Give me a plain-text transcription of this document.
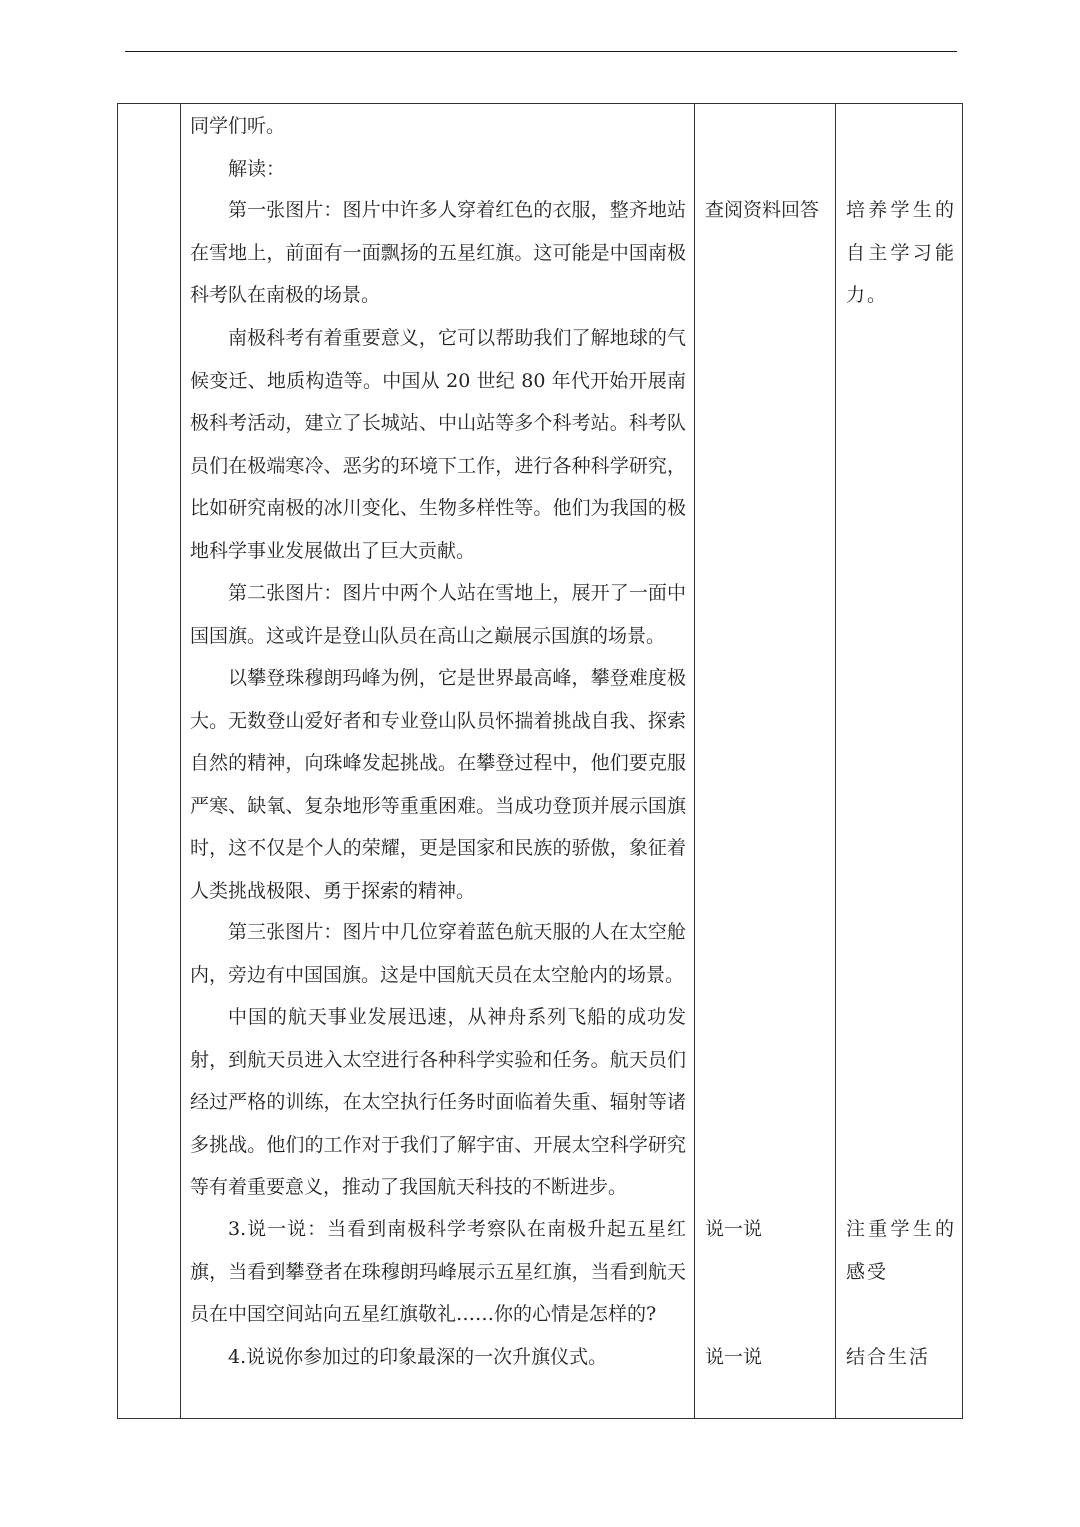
同学们听。

解读：

第一张图片：图片中许多人穿着红色的衣服，整齐地站在雪地上，前面有一面飘扬的五星红旗。这可能是中国南极科考队在南极的场景。

南极科考有着重要意义，它可以帮助我们了解地球的气候变迁、地质构造等。中国从 20 世纪 80 年代开始开展南极科考活动，建立了长城站、中山站等多个科考站。科考队员们在极端寒冷、恶劣的环境下工作，进行各种科学研究，比如研究南极的冰川变化、生物多样性等。他们为我国的极地科学事业发展做出了巨大贡献。

第二张图片：图片中两个人站在雪地上，展开了一面中国国旗。这或许是登山队员在高山之巅展示国旗的场景。

以攀登珠穆朗玛峰为例，它是世界最高峰，攀登难度极大。无数登山爱好者和专业登山队员怀揣着挑战自我、探索自然的精神，向珠峰发起挑战。在攀登过程中，他们要克服严寒、缺氧、复杂地形等重重困难。当成功登顶并展示国旗时，这不仅是个人的荣耀，更是国家和民族的骄傲，象征着人类挑战极限、勇于探索的精神。

第三张图片：图片中几位穿着蓝色航天服的人在太空舱内，旁边有中国国旗。这是中国航天员在太空舱内的场景。

中国的航天事业发展迅速，从神舟系列飞船的成功发射，到航天员进入太空进行各种科学实验和任务。航天员们经过严格的训练，在太空执行任务时面临着失重、辐射等诸多挑战。他们的工作对于我们了解宇宙、开展太空科学研究等有着重要意义，推动了我国航天科技的不断进步。

3.说一说：当看到南极科学考察队在南极升起五星红旗，当看到攀登者在珠穆朗玛峰展示五星红旗，当看到航天员在中国空间站向五星红旗敬礼……你的心情是怎样的?

4.说说你参加过的印象最深的一次升旗仪式。

查阅资料回答

说一说

说一说

培养学生的自主学习能力。

注重学生的感受

结合生活
